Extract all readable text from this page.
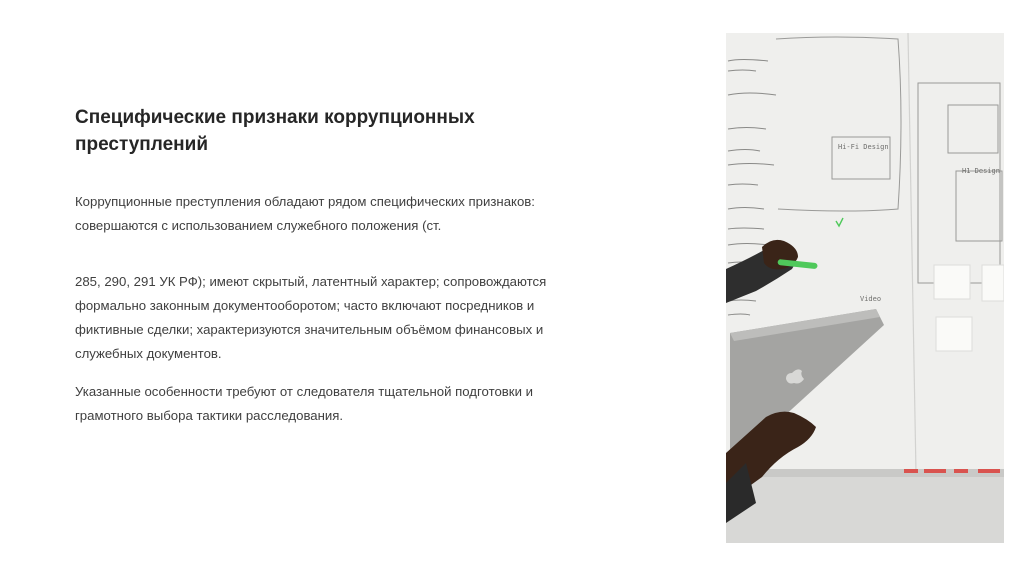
Специфические признаки коррупционных преступлений

Коррупционные преступления обладают рядом специфических признаков: совершаются с использованием служебного положения (ст.

285, 290, 291 УК РФ); имеют скрытый, латентный характер; сопровождаются формально законным документооборотом; часто включают посредников и фиктивные сделки; характеризуются значительным объёмом финансовых и служебных документов.

Указанные особенности требуют от следователя тщательной подготовки и грамотного выбора тактики расследования.

Hi-Fi Design
H1 Design
Video
